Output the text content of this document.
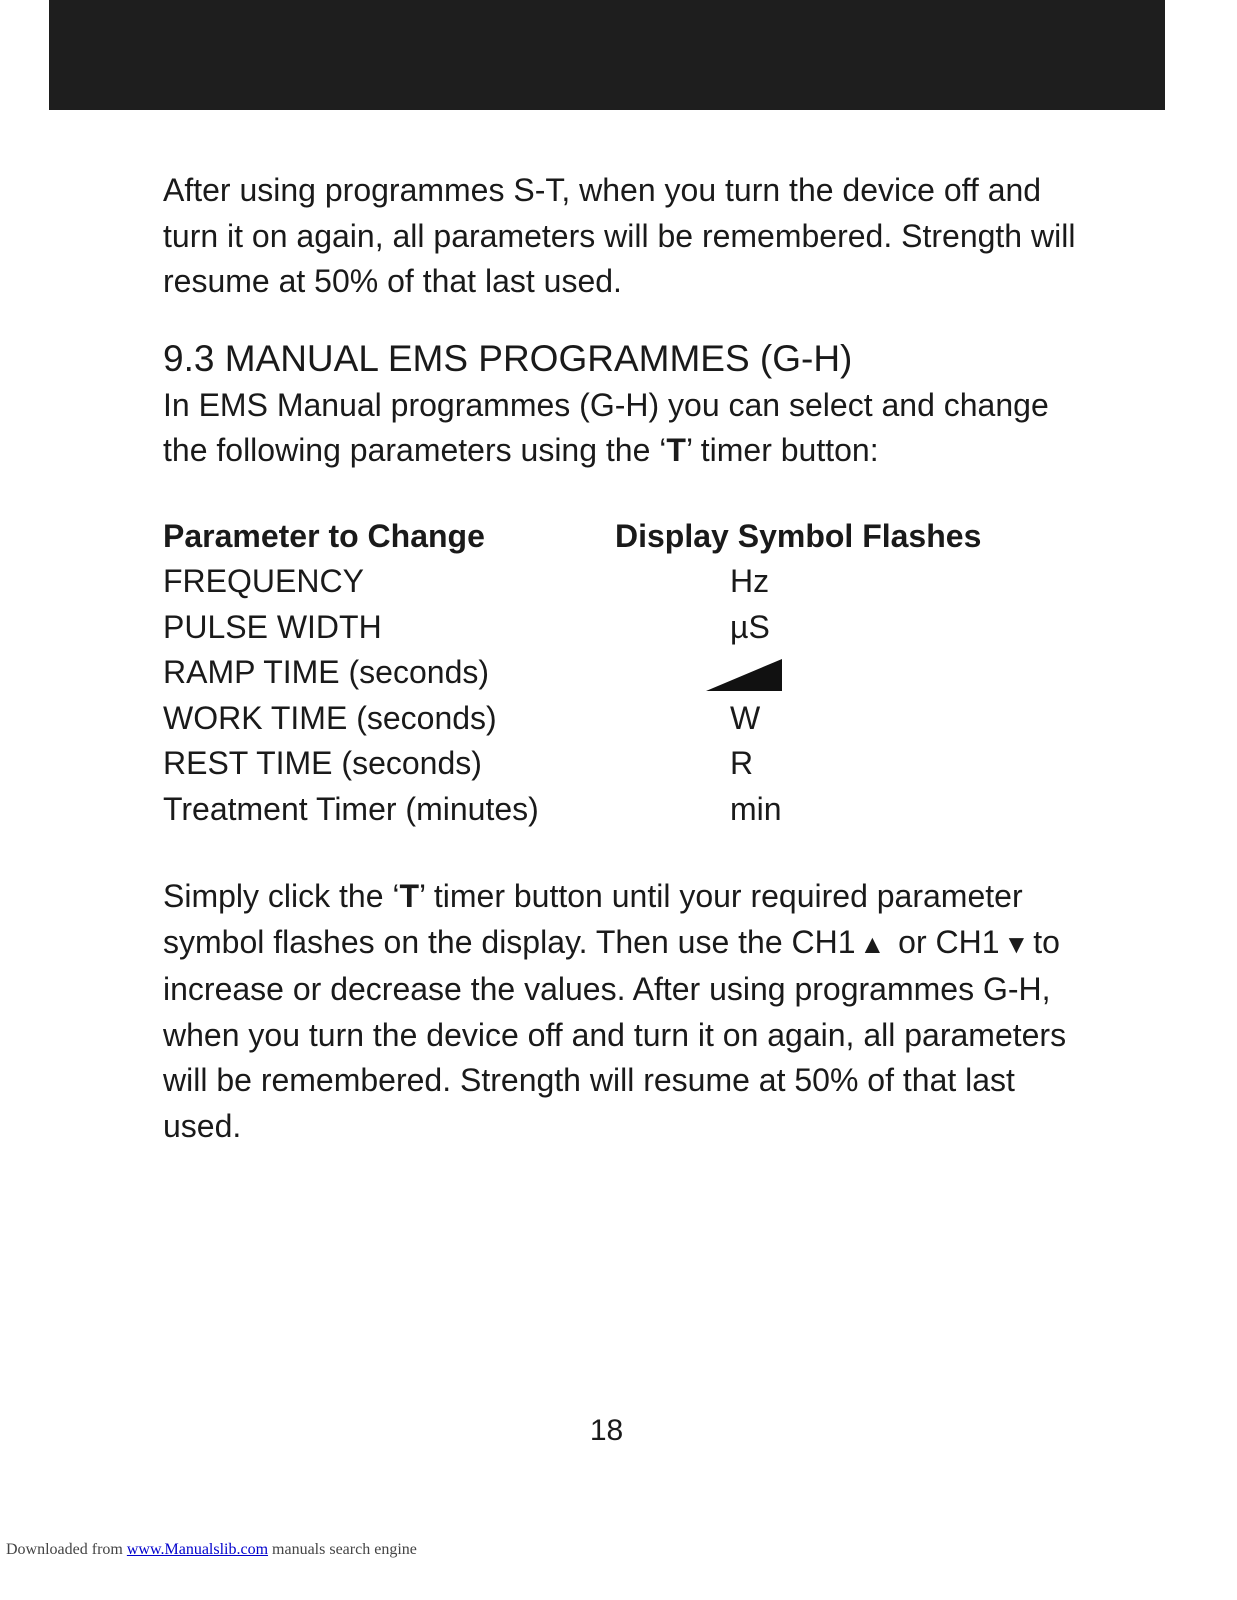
After using programmes S-T, when you turn the device off and turn it on again, all parameters will be remembered. Strength will resume at 50% of that last used.

9.3 MANUAL EMS PROGRAMMES (G-H)

In EMS Manual programmes (G-H) you can select and change the following parameters using the ‘T’ timer button:

Parameter to Change	Display Symbol Flashes
FREQUENCY	Hz
PULSE WIDTH	µS
RAMP TIME (seconds)	
WORK TIME (seconds)	W
REST TIME (seconds)	R
Treatment Timer (minutes)	min

Simply click the ‘T’ timer button until your required parameter symbol flashes on the display. Then use the CH1 ▲ or CH1 ▼ to increase or decrease the values. After using programmes G-H, when you turn the device off and turn it on again, all parameters will be remembered. Strength will resume at 50% of that last used.

18
Downloaded from www.Manualslib.com manuals search engine
